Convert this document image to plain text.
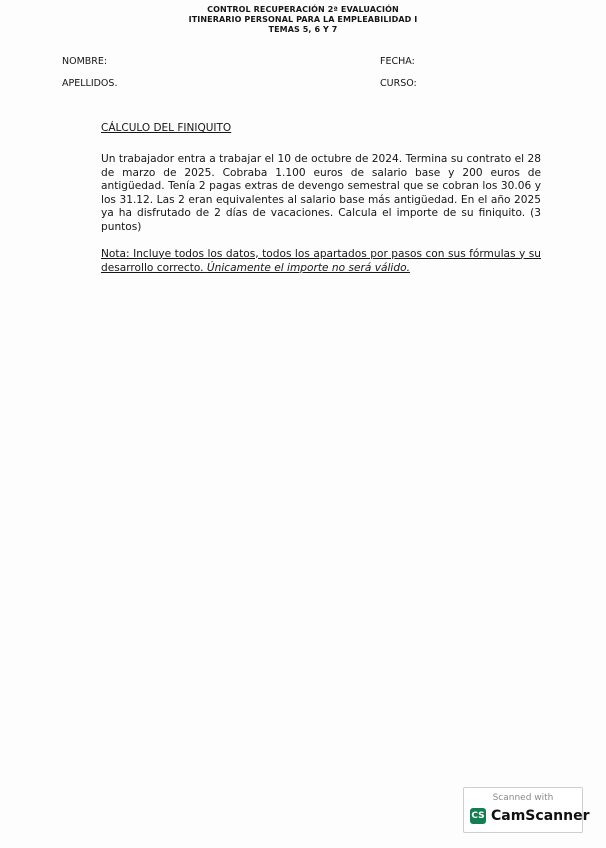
CONTROL RECUPERACIÓN 2ª EVALUACIÓN
ITINERARIO PERSONAL PARA LA EMPLEABILIDAD I
TEMAS 5, 6 Y 7
NOMBRE:	FECHA:
APELLIDOS.	CURSO:
CÁLCULO DEL FINIQUITO

Un trabajador entra a trabajar el 10 de octubre de 2024. Termina su contrato el 28 de marzo de 2025. Cobraba 1.100 euros de salario base y 200 euros de antigüedad. Tenía 2 pagas extras de devengo semestral que se cobran los 30.06 y los 31.12. Las 2 eran equivalentes al salario base más antigüedad. En el año 2025 ya ha disfrutado de 2 días de vacaciones. Calcula el importe de su finiquito. (3 puntos)

Nota: Incluye todos los datos, todos los apartados por pasos con sus fórmulas y su desarrollo correcto. Únicamente el importe no será válido.

Scanned with
CS CamScanner
